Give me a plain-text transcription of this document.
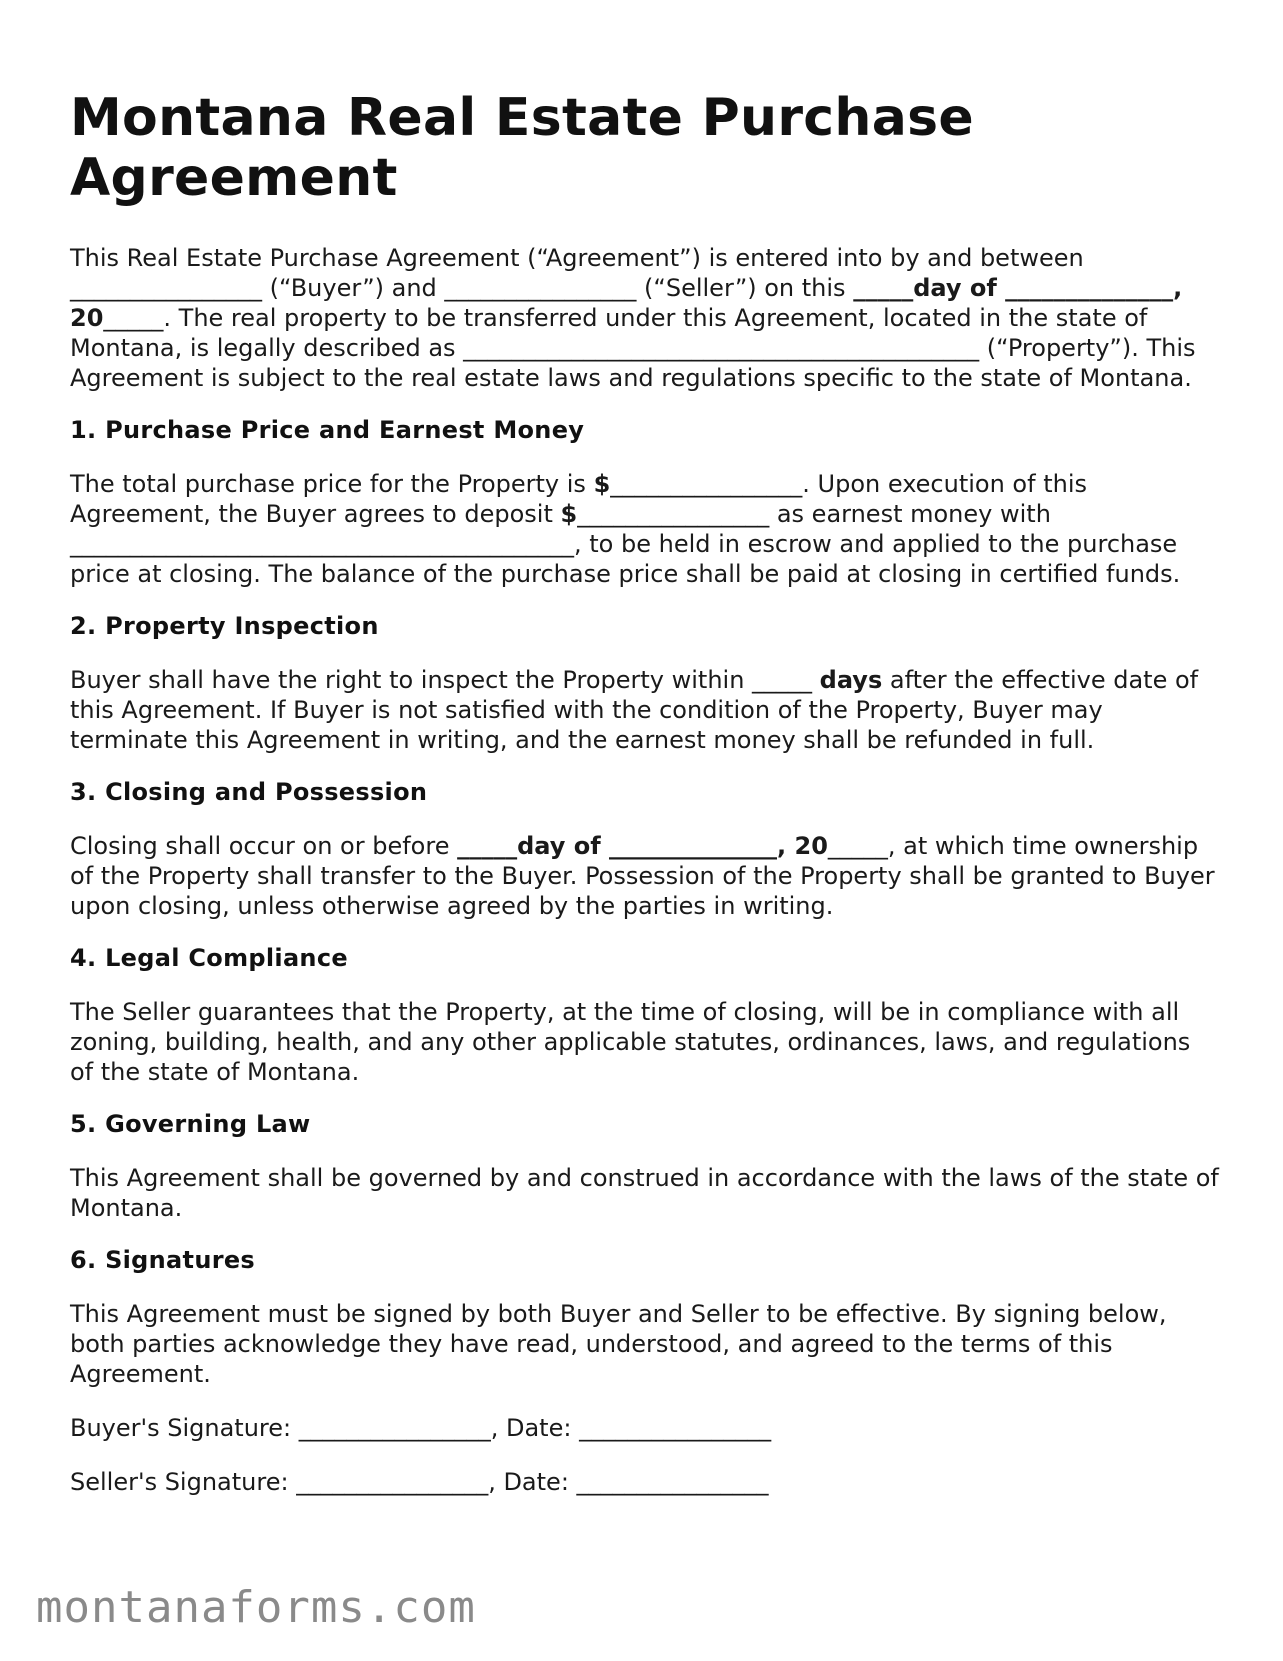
Montana Real Estate Purchase Agreement

This Real Estate Purchase Agreement (“Agreement”) is entered into by and between ________________ (“Buyer”) and ________________ (“Seller”) on this _____day of ______________, 20_____. The real property to be transferred under this Agreement, located in the state of Montana, is legally described as ___________________________________________ (“Property”). This Agreement is subject to the real estate laws and regulations specific to the state of Montana.

1. Purchase Price and Earnest Money

The total purchase price for the Property is $________________. Upon execution of this Agreement, the Buyer agrees to deposit $________________ as earnest money with __________________________________________, to be held in escrow and applied to the purchase price at closing. The balance of the purchase price shall be paid at closing in certified funds.

2. Property Inspection

Buyer shall have the right to inspect the Property within _____ days after the effective date of this Agreement. If Buyer is not satisfied with the condition of the Property, Buyer may terminate this Agreement in writing, and the earnest money shall be refunded in full.

3. Closing and Possession

Closing shall occur on or before _____day of ______________, 20_____, at which time ownership of the Property shall transfer to the Buyer. Possession of the Property shall be granted to Buyer upon closing, unless otherwise agreed by the parties in writing.

4. Legal Compliance

The Seller guarantees that the Property, at the time of closing, will be in compliance with all zoning, building, health, and any other applicable statutes, ordinances, laws, and regulations of the state of Montana.

5. Governing Law

This Agreement shall be governed by and construed in accordance with the laws of the state of Montana.

6. Signatures

This Agreement must be signed by both Buyer and Seller to be effective. By signing below, both parties acknowledge they have read, understood, and agreed to the terms of this Agreement.

Buyer's Signature: ________________, Date: ________________

Seller's Signature: ________________, Date: ________________

montanaforms.com
